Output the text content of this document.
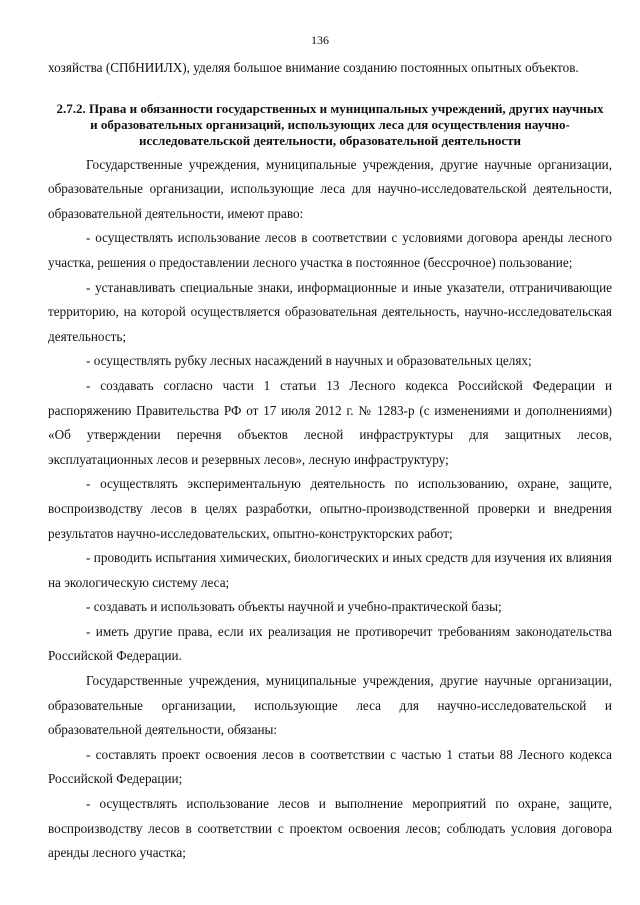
136

хозяйства (СПбНИИЛХ), уделяя большое внимание созданию постоянных опытных объектов.

2.7.2. Права и обязанности государственных и муниципальных учреждений, других научных и образовательных организаций, использующих леса для осуществления научно-исследовательской деятельности, образовательной деятельности

Государственные учреждения, муниципальные учреждения, другие научные организации, образовательные организации, использующие леса для научно-исследовательской деятельности, образовательной деятельности, имеют право:

- осуществлять использование лесов в соответствии с условиями договора аренды лесного участка, решения о предоставлении лесного участка в постоянное (бессрочное) пользование;

- устанавливать специальные знаки, информационные и иные указатели, отграничивающие территорию, на которой осуществляется образовательная деятельность, научно-исследовательская деятельность;

- осуществлять рубку лесных насаждений в научных и образовательных целях;

- создавать согласно части 1 статьи 13 Лесного кодекса Российской Федерации и распоряжению Правительства РФ от 17 июля 2012 г. № 1283-р (с изменениями и дополнениями) «Об утверждении перечня объектов лесной инфраструктуры для защитных лесов, эксплуатационных лесов и резервных лесов», лесную инфраструктуру;

- осуществлять экспериментальную деятельность по использованию, охране, защите, воспроизводству лесов в целях разработки, опытно-производственной проверки и внедрения результатов научно-исследовательских, опытно-конструкторских работ;

- проводить испытания химических, биологических и иных средств для изучения их влияния на экологическую систему леса;

- создавать и использовать объекты научной и учебно-практической базы;

- иметь другие права, если их реализация не противоречит требованиям законодательства Российской Федерации.

Государственные учреждения, муниципальные учреждения, другие научные организации, образовательные организации, использующие леса для научно-исследовательской и образовательной деятельности, обязаны:

- составлять проект освоения лесов в соответствии с частью 1 статьи 88 Лесного кодекса Российской Федерации;

- осуществлять использование лесов и выполнение мероприятий по охране, защите, воспроизводству лесов в соответствии с проектом освоения лесов; соблюдать условия договора аренды лесного участка;
